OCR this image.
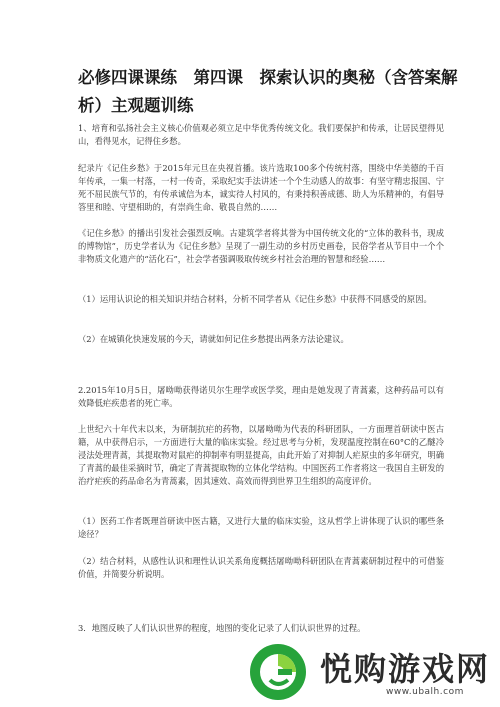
必修四课课练　第四课　探索认识的奥秘（含答案解析）主观题训练

1、培育和弘扬社会主义核心价值观必须立足中华优秀传统文化。我们要保护和传承，让居民望得见山，看得见水，记得住乡愁。

纪录片《记住乡愁》于2015年元旦在央视首播。该片选取100多个传统村落，围绕中华美德的千百年传承，一集一村落，一村一传奇，采取纪实手法讲述一个个生动感人的故事：有坚守精忠报国、宁死不屈民族气节的，有传承诚信为本，诚实待人村风的，有秉持积善成德、助人为乐精神的，有倡导答里和睦、守望相助的，有崇尚生命、敬畏自然的……

《记住乡愁》的播出引发社会强烈反响。古建筑学者将其誉为中国传统文化的“立体的教科书，现成的博物馆”，历史学者认为《记住乡愁》呈现了一副生动的乡村历史画卷，民俗学者从节目中一个个非物质文化遗产的“活化石”，社会学者强调吸取传统乡村社会治理的智慧和经验……

（1）运用认识论的相关知识并结合材料，分析不同学者从《记住乡愁》中获得不同感受的原因。

（2）在城镇化快速发展的今天，请就如何记住乡愁提出两条方法论建议。

2.2015年10月5日，屠呦呦获得诺贝尔生理学或医学奖，理由是她发现了青蒿素，这种药品可以有效降低疟疾患者的死亡率。

上世纪六十年代末以来，为研制抗疟的药物，以屠呦呦为代表的科研团队，一方面理首研读中医古籍，从中获得启示，一方面进行大量的临床实验。经过思考与分析，发现温度控制在60°C的乙醚冷浸法处理青蒿，其提取物对鼠疟的抑制率有明显提高，由此开始了对抑制人疟原虫的多年研究，明确了青蒿的最佳采摘时节，确定了青蒿提取物的立体化学结构。中国医药工作者将这一我国自主研发的治疗疟疾的药品命名为青蒿素，因其速效、高效而得到世界卫生组织的高度评价。

（1）医药工作者既理首研读中医古籍，又进行大量的临床实验，这从哲学上讲体现了认识的哪些条途径？

（2）结合材料，从感性认识和理性认识关系角度概括屠呦呦科研团队在青蒿素研制过程中的可借鉴价值，并简要分析说明。

3．地图反映了人们认识世界的程度，地图的变化记录了人们认识世界的过程。

悦购游戏网
www.ubalh.com
